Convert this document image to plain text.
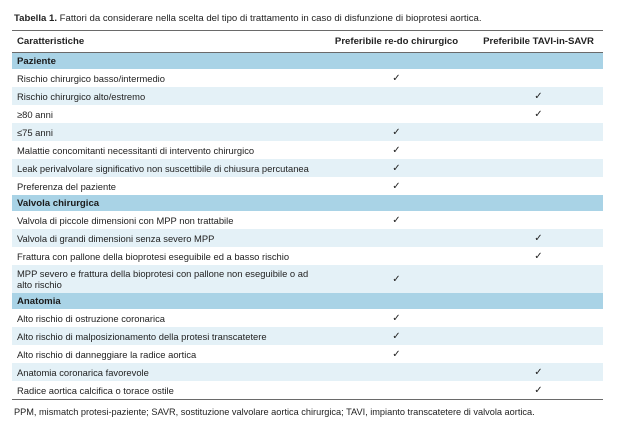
Tabella 1. Fattori da considerare nella scelta del tipo di trattamento in caso di disfunzione di bioprotesi aortica.
Caratteristiche	Preferibile re-do chirurgico	Preferibile TAVI-in-SAVR
Paziente		
Rischio chirurgico basso/intermedio	✓	
Rischio chirurgico alto/estremo		✓
≥80 anni		✓
≤75 anni	✓	
Malattie concomitanti necessitanti di intervento chirurgico	✓	
Leak perivalvolare significativo non suscettibile di chiusura percutanea	✓	
Preferenza del paziente	✓	
Valvola chirurgica		
Valvola di piccole dimensioni con MPP non trattabile	✓	
Valvola di grandi dimensioni senza severo MPP		✓
Frattura con pallone della bioprotesi eseguibile ed a basso rischio		✓
MPP severo e frattura della bioprotesi con pallone non eseguibile o ad alto rischio	✓	
Anatomia		
Alto rischio di ostruzione coronarica	✓	
Alto rischio di malposizionamento della protesi transcatetere	✓	
Alto rischio di danneggiare la radice aortica	✓	
Anatomia coronarica favorevole		✓
Radice aortica calcifica o torace ostile		✓
PPM, mismatch protesi-paziente; SAVR, sostituzione valvolare aortica chirurgica; TAVI, impianto transcatetere di valvola aortica.
